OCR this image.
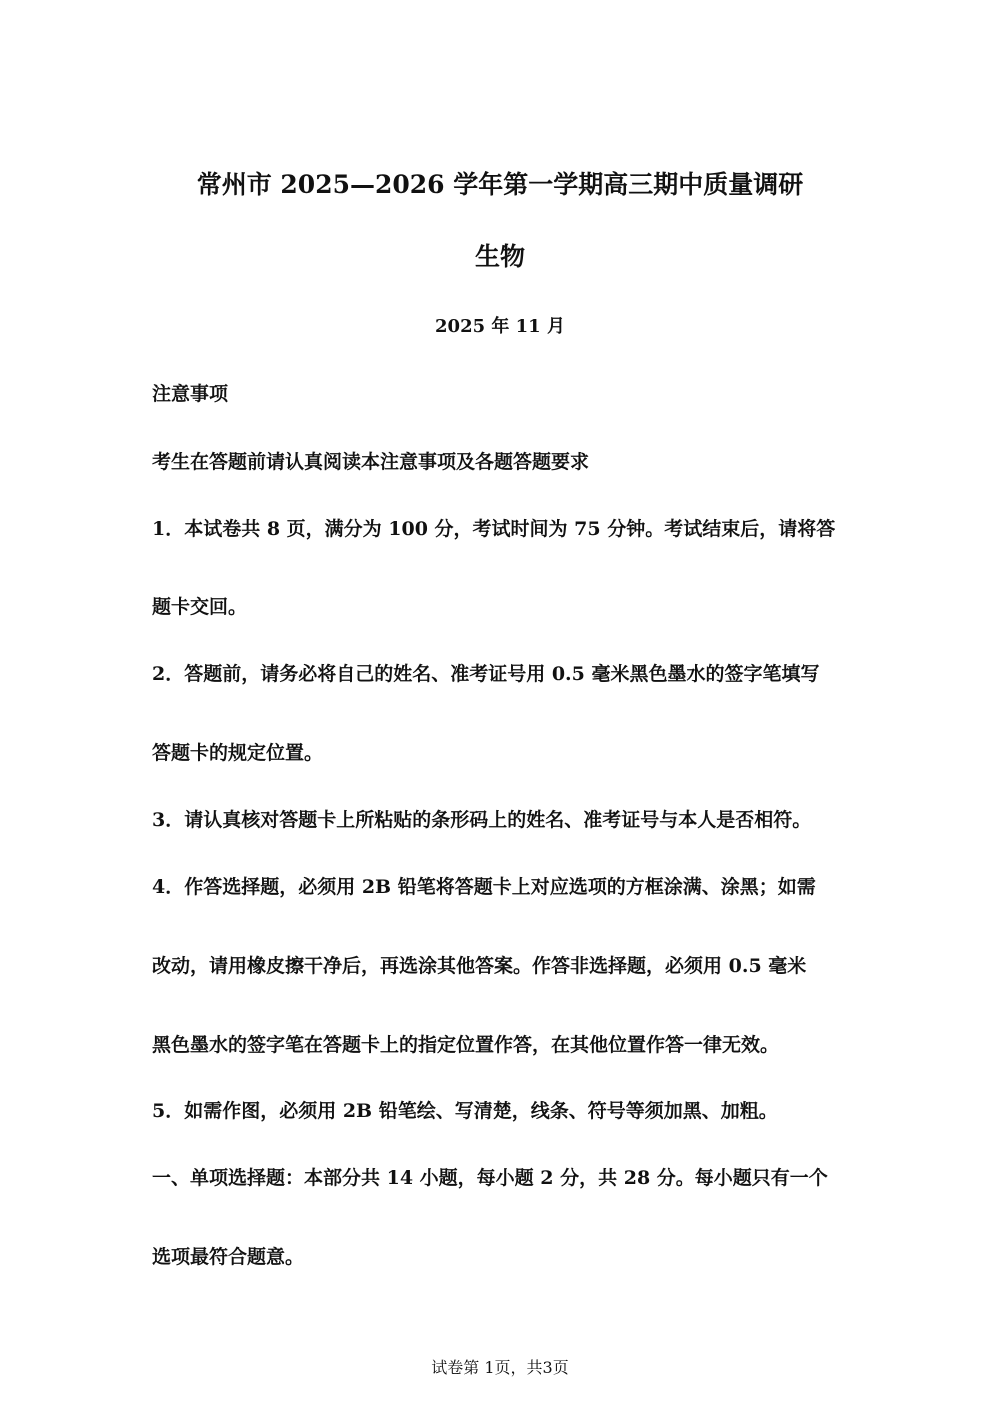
常州市 2025—2026 学年第一学期高三期中质量调研
生物
2025 年 11 月
注意事项
考生在答题前请认真阅读本注意事项及各题答题要求
1．本试卷共 8 页，满分为 100 分，考试时间为 75 分钟。考试结束后，请将答
题卡交回。
2．答题前，请务必将自己的姓名、准考证号用 0.5 毫米黑色墨水的签字笔填写
答题卡的规定位置。
3．请认真核对答题卡上所粘贴的条形码上的姓名、准考证号与本人是否相符。
4．作答选择题，必须用 2B 铅笔将答题卡上对应选项的方框涂满、涂黑；如需
改动，请用橡皮擦干净后，再选涂其他答案。作答非选择题，必须用 0.5 毫米
黑色墨水的签字笔在答题卡上的指定位置作答，在其他位置作答一律无效。
5．如需作图，必须用 2B 铅笔绘、写清楚，线条、符号等须加黑、加粗。
一、单项选择题：本部分共 14 小题，每小题 2 分，共 28 分。每小题只有一个
选项最符合题意。
试卷第 1页，共3页
